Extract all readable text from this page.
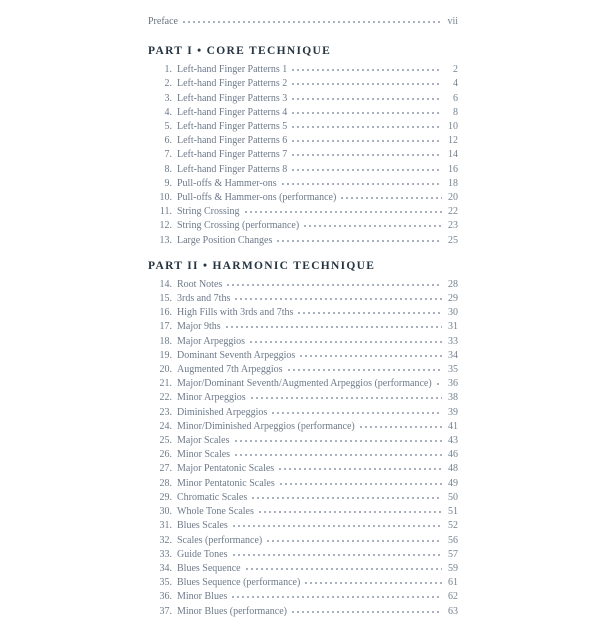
Preface	vii
PART I • CORE TECHNIQUE
1. Left-hand Finger Patterns 1	2
2. Left-hand Finger Patterns 2	4
3. Left-hand Finger Patterns 3	6
4. Left-hand Finger Patterns 4	8
5. Left-hand Finger Patterns 5	10
6. Left-hand Finger Patterns 6	12
7. Left-hand Finger Patterns 7	14
8. Left-hand Finger Patterns 8	16
9. Pull-offs & Hammer-ons	18
10. Pull-offs & Hammer-ons (performance)	20
11. String Crossing	22
12. String Crossing (performance)	23
13. Large Position Changes	25
PART II • HARMONIC TECHNIQUE
14. Root Notes	28
15. 3rds and 7ths	29
16. High Fills with 3rds and 7ths	30
17. Major 9ths	31
18. Major Arpeggios	33
19. Dominant Seventh Arpeggios	34
20. Augmented 7th Arpeggios	35
21. Major/Dominant Seventh/Augmented Arpeggios (performance) 36
22. Minor Arpeggios	38
23. Diminished Arpeggios	39
24. Minor/Diminished Arpeggios (performance)	41
25. Major Scales	43
26. Minor Scales	46
27. Major Pentatonic Scales	48
28. Minor Pentatonic Scales	49
29. Chromatic Scales	50
30. Whole Tone Scales	51
31. Blues Scales	52
32. Scales (performance)	56
33. Guide Tones	57
34. Blues Sequence	59
35. Blues Sequence (performance)	61
36. Minor Blues	62
37. Minor Blues (performance)	63
